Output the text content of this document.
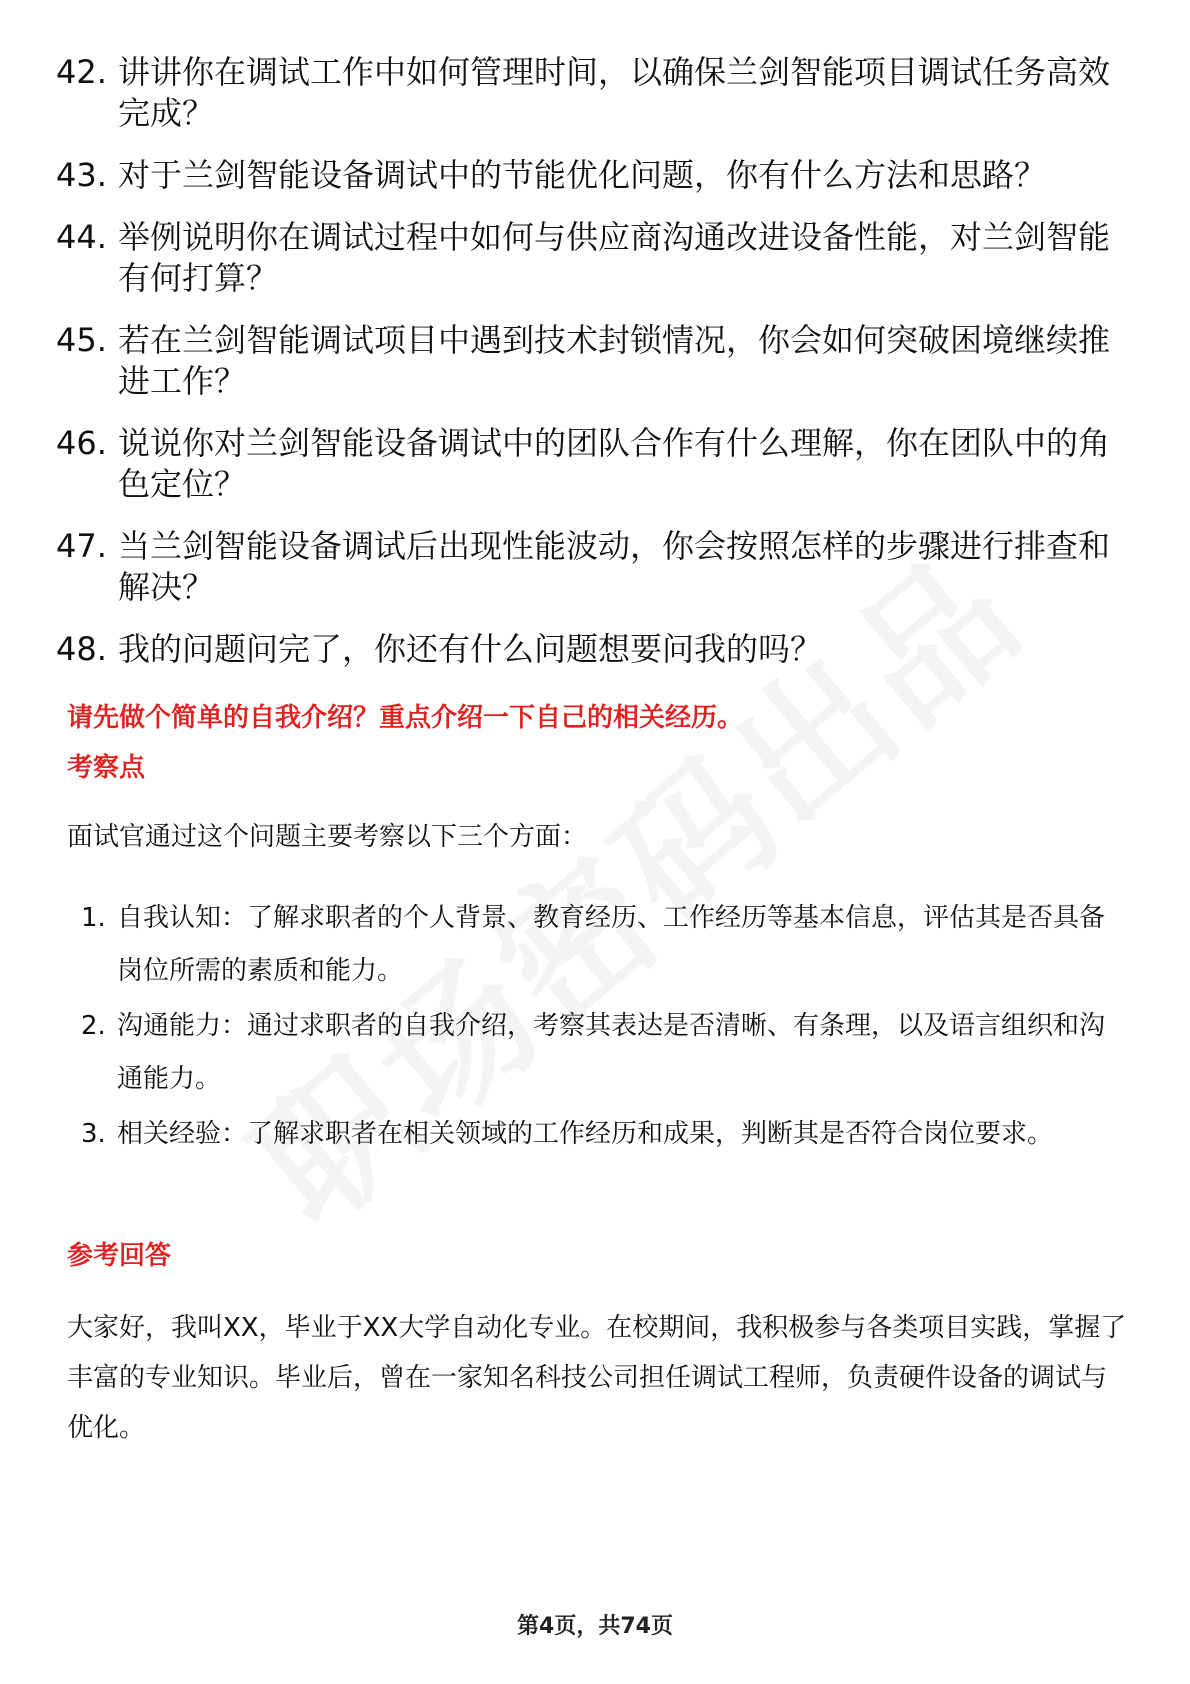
42. 讲讲你在调试工作中如何管理时间，以确保兰剑智能项目调试任务高效完成？
43. 对于兰剑智能设备调试中的节能优化问题，你有什么方法和思路？
44. 举例说明你在调试过程中如何与供应商沟通改进设备性能，对兰剑智能有何打算？
45. 若在兰剑智能调试项目中遇到技术封锁情况，你会如何突破困境继续推进工作？
46. 说说你对兰剑智能设备调试中的团队合作有什么理解，你在团队中的角色定位？
47. 当兰剑智能设备调试后出现性能波动，你会按照怎样的步骤进行排查和解决？
48. 我的问题问完了，你还有什么问题想要问我的吗？
请先做个简单的自我介绍？重点介绍一下自己的相关经历。
考察点
面试官通过这个问题主要考察以下三个方面：
1. 自我认知：了解求职者的个人背景、教育经历、工作经历等基本信息，评估其是否具备岗位所需的素质和能力。
2. 沟通能力：通过求职者的自我介绍，考察其表达是否清晰、有条理，以及语言组织和沟通能力。
3. 相关经验：了解求职者在相关领域的工作经历和成果，判断其是否符合岗位要求。
参考回答
大家好，我叫XX，毕业于XX大学自动化专业。在校期间，我积极参与各类项目实践，掌握了丰富的专业知识。毕业后，曾在一家知名科技公司担任调试工程师，负责硬件设备的调试与优化。
第4页，共74页
